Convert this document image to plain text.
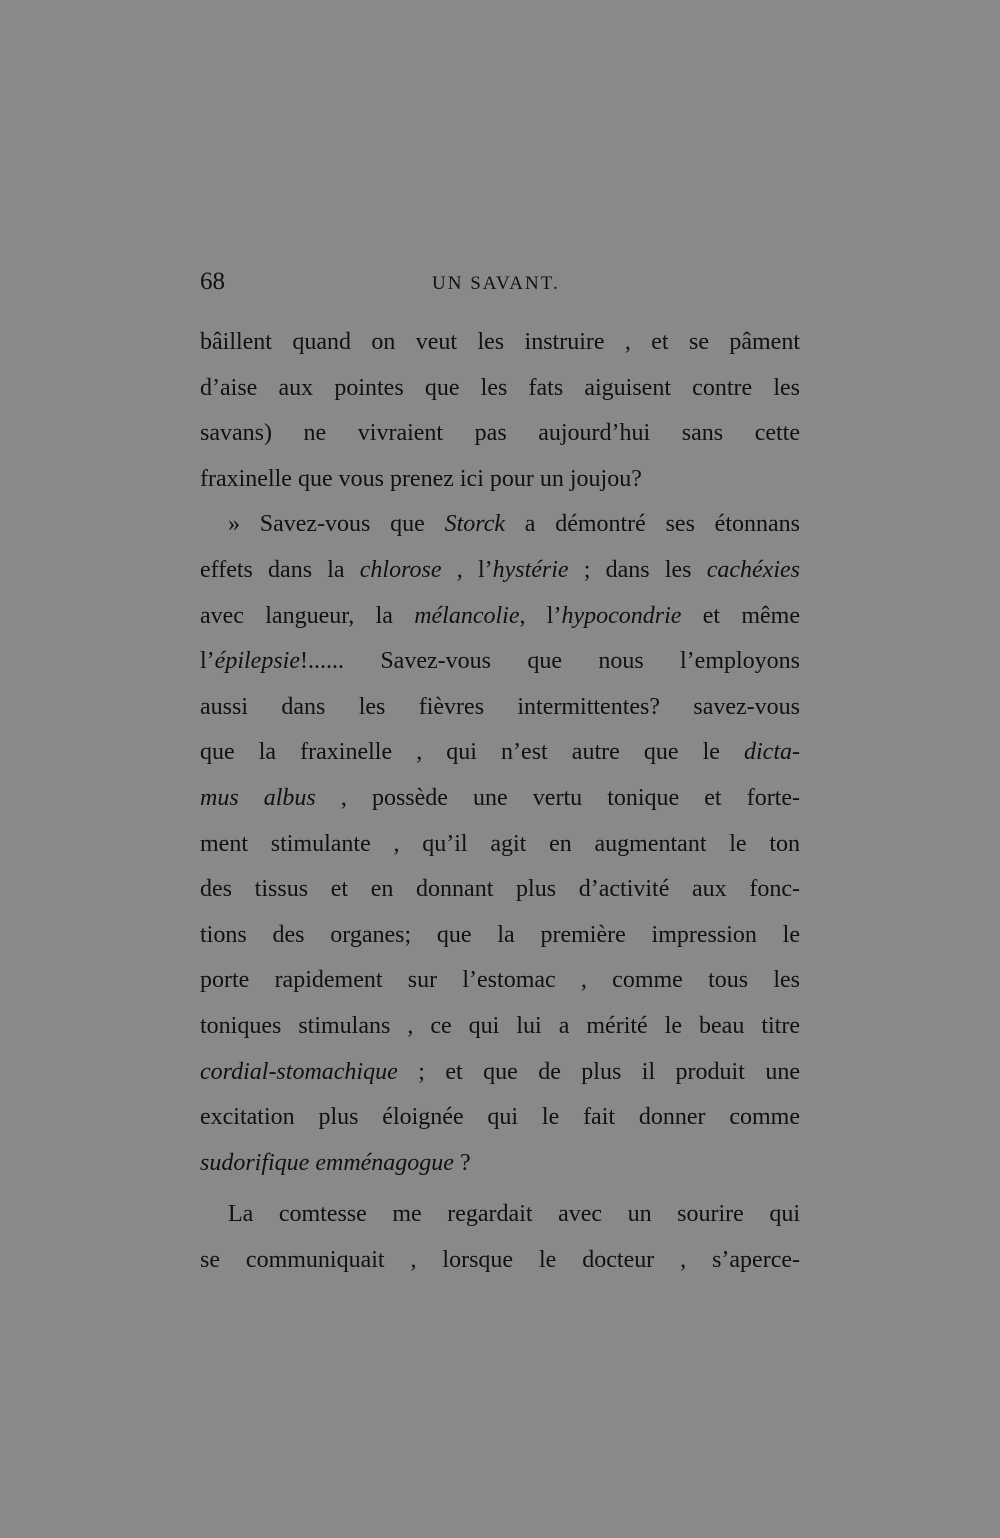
68	UN SAVANT.
bâillent quand on veut les instruire , et se pâment
d’aise aux pointes que les fats aiguisent contre les
savans) ne vivraient pas aujourd’hui sans cette
fraxinelle que vous prenez ici pour un joujou?
» Savez-vous que Storck a démontré ses étonnans
effets dans la chlorose , l’hystérie ; dans les cachéxies
avec langueur, la mélancolie, l’hypocondrie et même
l’épilepsie!...... Savez-vous que nous l’employons
aussi dans les fièvres intermittentes? savez-vous
que la fraxinelle , qui n’est autre que le dicta-
mus albus , possède une vertu tonique et forte-
ment stimulante , qu’il agit en augmentant le ton
des tissus et en donnant plus d’activité aux fonc-
tions des organes; que la première impression le
porte rapidement sur l’estomac , comme tous les
toniques stimulans , ce qui lui a mérité le beau titre
cordial-stomachique ; et que de plus il produit une
excitation plus éloignée qui le fait donner comme
sudorifique emménagogue ?
La comtesse me regardait avec un sourire qui
se communiquait , lorsque le docteur , s’aperce-
